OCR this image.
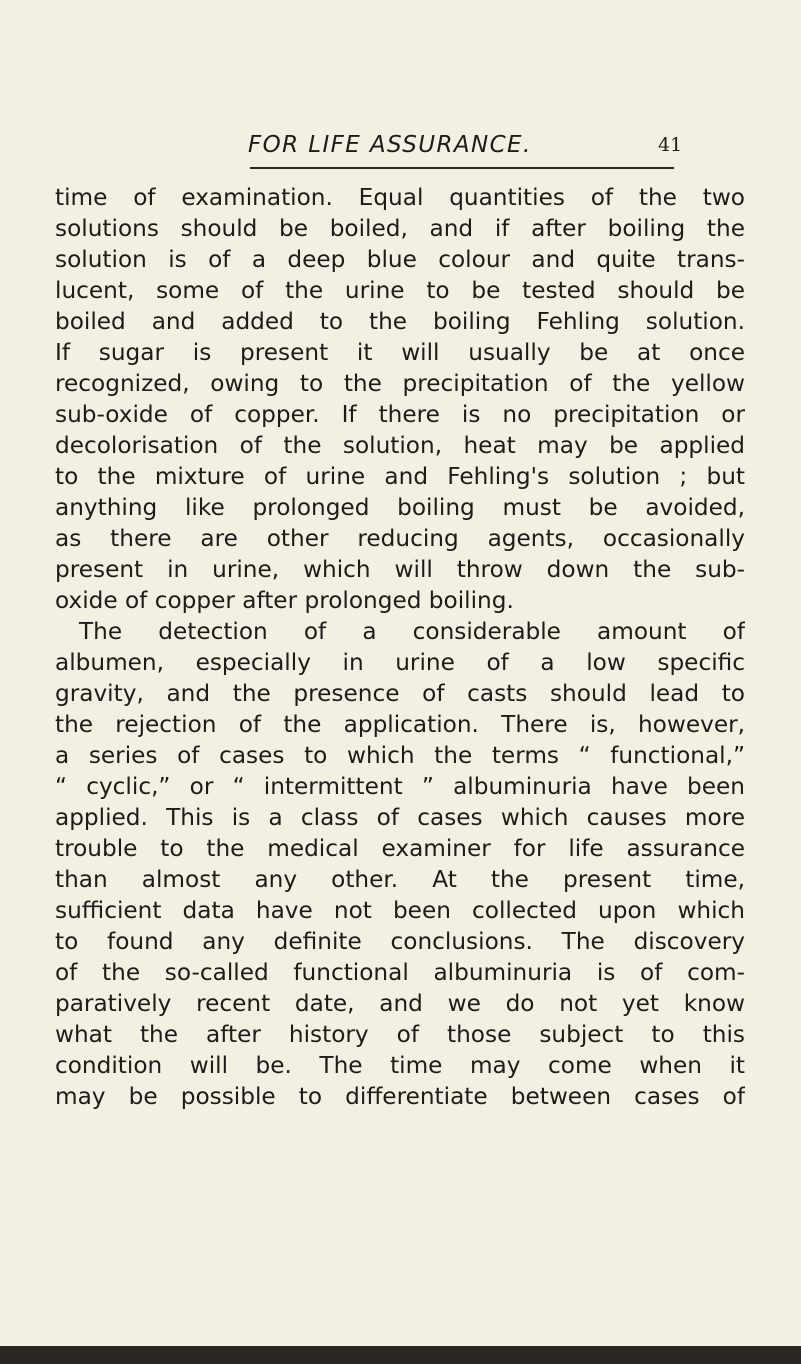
FOR LIFE ASSURANCE.	41
time of examination. Equal quantities of the two
solutions should be boiled, and if after boiling the
solution is of a deep blue colour and quite trans-
lucent, some of the urine to be tested should be
boiled and added to the boiling Fehling solution.
If sugar is present it will usually be at once
recognized, owing to the precipitation of the yellow
sub-oxide of copper. If there is no precipitation or
decolorisation of the solution, heat may be applied
to the mixture of urine and Fehling's solution ; but
anything like prolonged boiling must be avoided,
as there are other reducing agents, occasionally
present in urine, which will throw down the sub-
oxide of copper after prolonged boiling.
The detection of a considerable amount of
albumen, especially in urine of a low specific
gravity, and the presence of casts should lead to
the rejection of the application. There is, however,
a series of cases to which the terms “ functional,”
“ cyclic,” or “ intermittent ” albuminuria have been
applied. This is a class of cases which causes more
trouble to the medical examiner for life assurance
than almost any other. At the present time,
sufficient data have not been collected upon which
to found any definite conclusions. The discovery
of the so-called functional albuminuria is of com-
paratively recent date, and we do not yet know
what the after history of those subject to this
condition will be. The time may come when it
may be possible to differentiate between cases of
